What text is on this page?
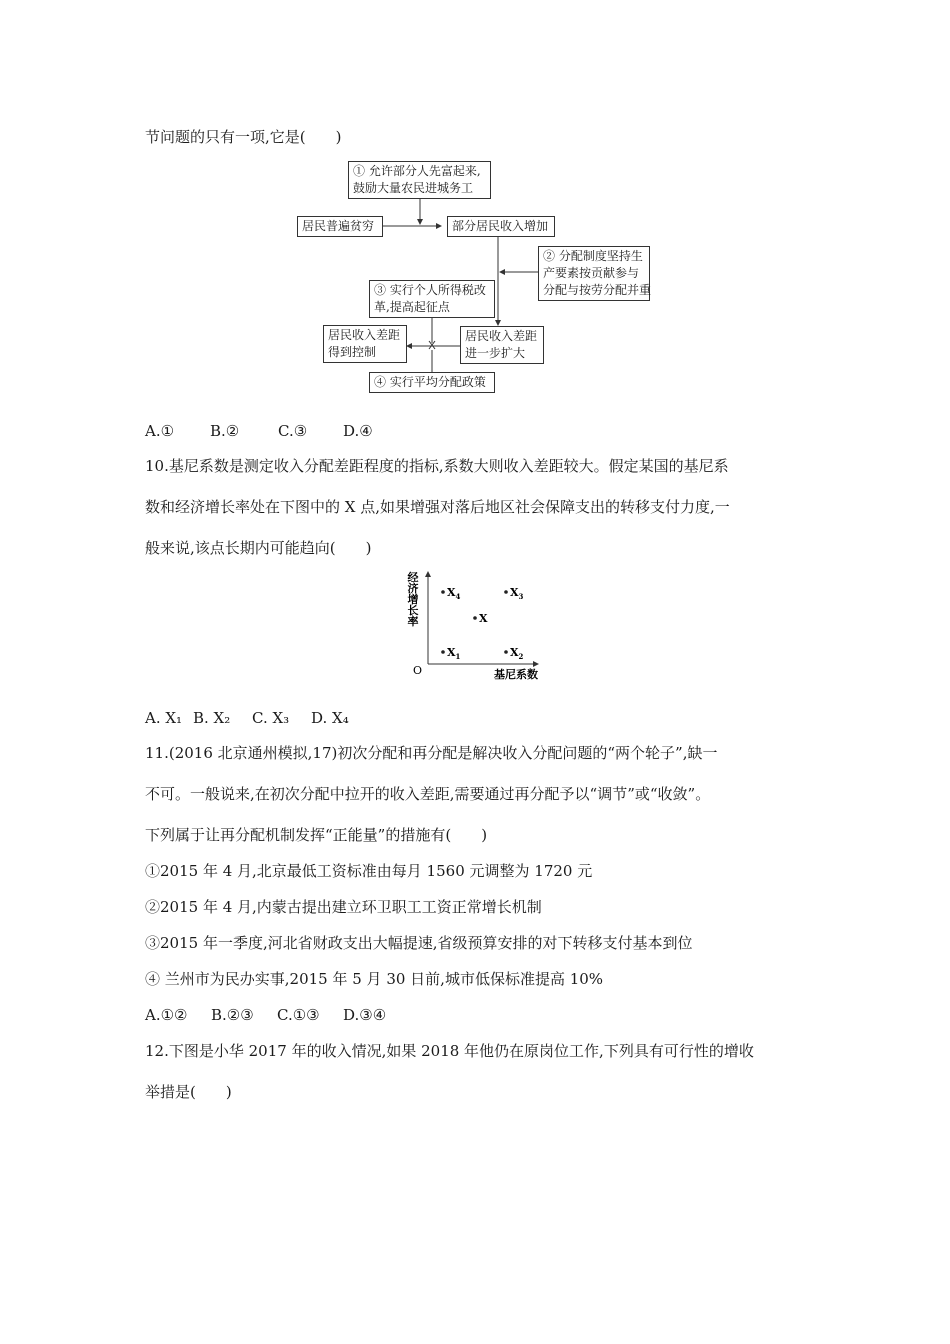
节问题的只有一项,它是(　　)
① 允许部分人先富起来,
鼓励大量农民进城务工
居民普遍贫穷	部分居民收入增加
② 分配制度坚持生
产要素按贡献参与
分配与按劳分配并重
③ 实行个人所得税改
革,提高起征点
居民收入差距
得到控制
居民收入差距
进一步扩大
④ 实行平均分配政策
A.① B.②	C.③ D.④
10.基尼系数是测定收入分配差距程度的指标,系数大则收入差距较大。假定某国的基尼系
数和经济增长率处在下图中的 X 点,如果增强对落后地区社会保障支出的转移支付力度,一
般来说,该点长期内可能趋向(　　)
O	基尼系数
经济增长率	X
$X_1$	$X_2$
$X_3$
$X_4$
A. X₁ B. X₂ C. X₃ D. X₄
11.(2016 北京通州模拟,17)初次分配和再分配是解决收入分配问题的“两个轮子”,缺一
不可。一般说来,在初次分配中拉开的收入差距,需要通过再分配予以“调节”或“收敛”。
下列属于让再分配机制发挥“正能量”的措施有(　　)
①2015 年 4 月,北京最低工资标准由每月 1560 元调整为 1720 元
②2015 年 4 月,内蒙古提出建立环卫职工工资正常增长机制
③2015 年一季度,河北省财政支出大幅提速,省级预算安排的对下转移支付基本到位
④ 兰州市为民办实事,2015 年 5 月 30 日前,城市低保标准提高 10%
A.①② B.②③ C.①③ D.③④
12.下图是小华 2017 年的收入情况,如果 2018 年他仍在原岗位工作,下列具有可行性的增收
举措是(　　)
